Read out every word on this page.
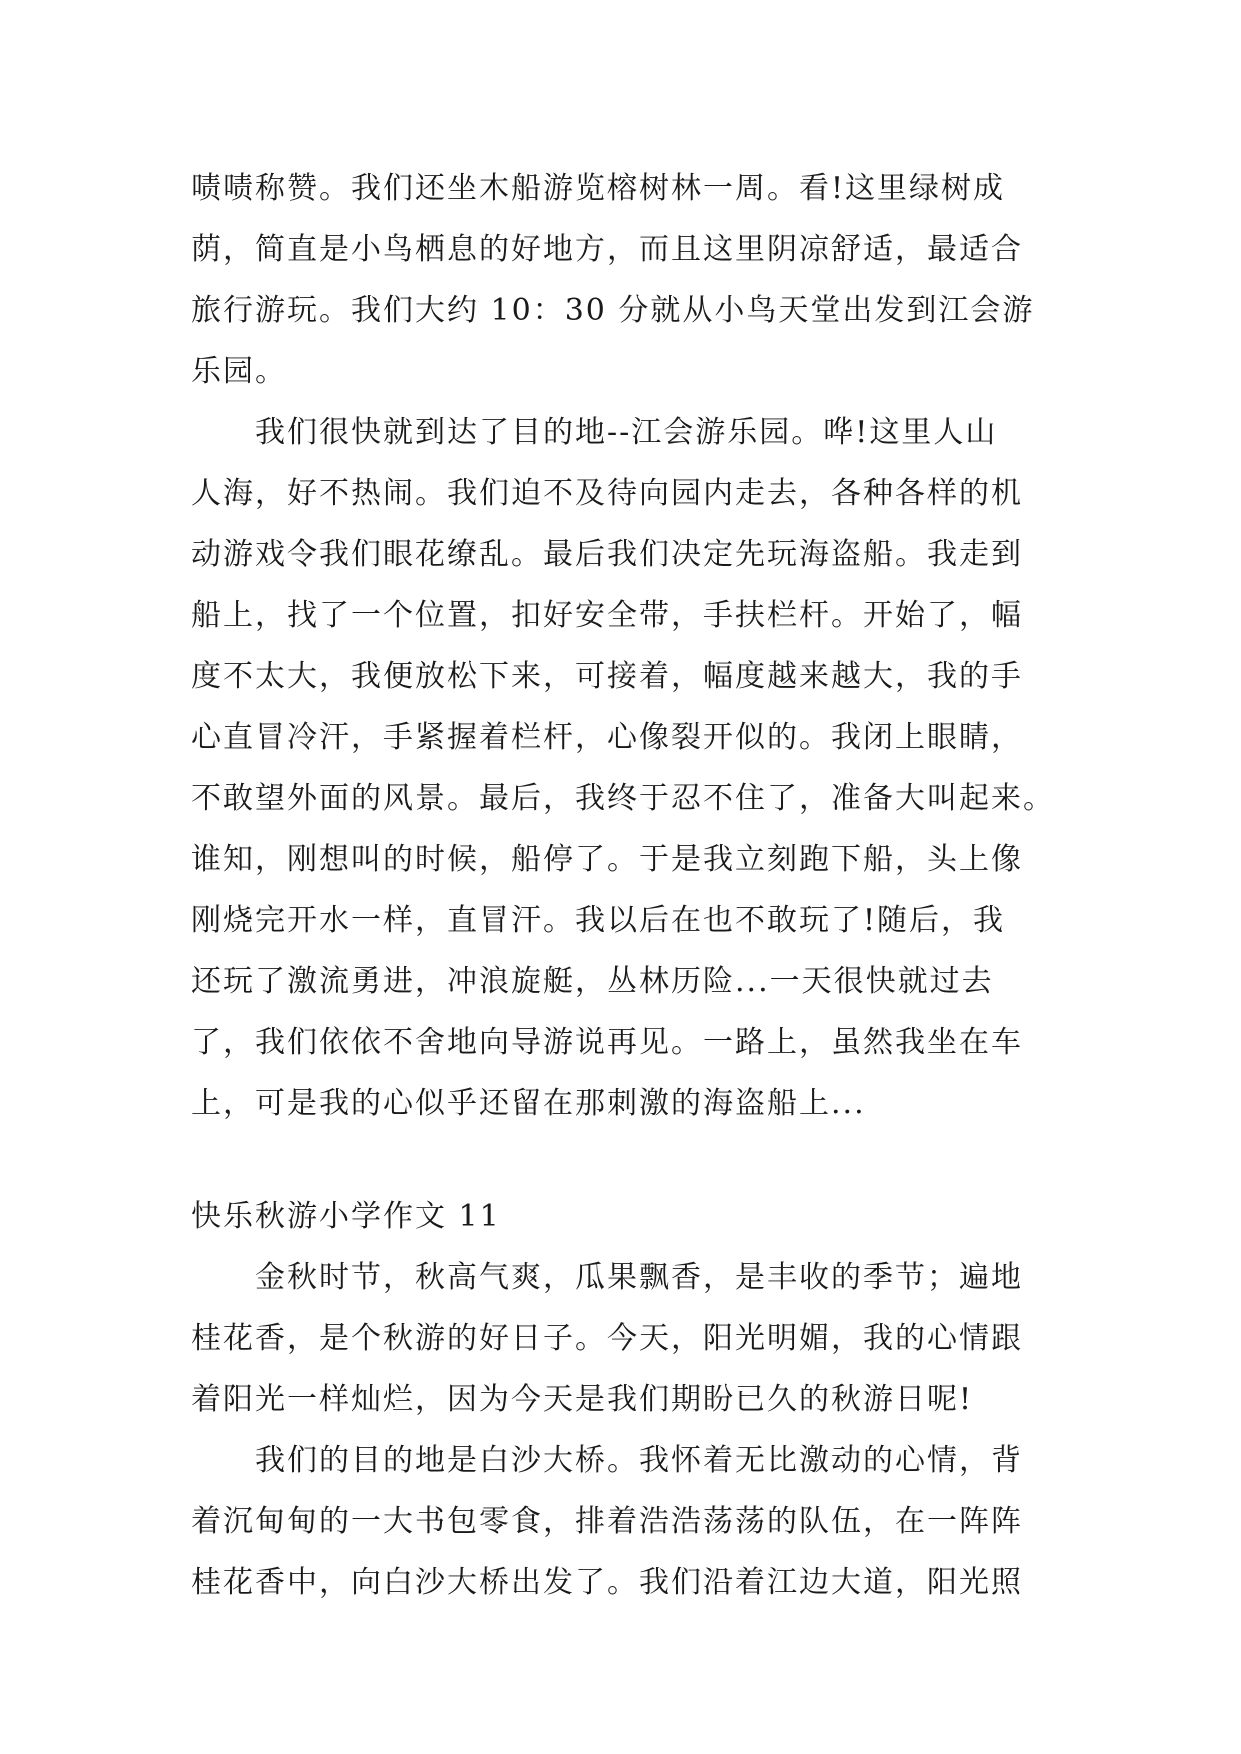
啧啧称赞。我们还坐木船游览榕树林一周。看!这里绿树成
荫，简直是小鸟栖息的好地方，而且这里阴凉舒适，最适合
旅行游玩。我们大约 10：30 分就从小鸟天堂出发到江会游
乐园。
我们很快就到达了目的地--江会游乐园。哗!这里人山
人海，好不热闹。我们迫不及待向园内走去，各种各样的机
动游戏令我们眼花缭乱。最后我们决定先玩海盗船。我走到
船上，找了一个位置，扣好安全带，手扶栏杆。开始了，幅
度不太大，我便放松下来，可接着，幅度越来越大，我的手
心直冒冷汗，手紧握着栏杆，心像裂开似的。我闭上眼睛，
不敢望外面的风景。最后，我终于忍不住了，准备大叫起来。
谁知，刚想叫的时候，船停了。于是我立刻跑下船，头上像
刚烧完开水一样，直冒汗。我以后在也不敢玩了!随后，我
还玩了激流勇进，冲浪旋艇，丛林历险...一天很快就过去
了，我们依依不舍地向导游说再见。一路上，虽然我坐在车
上，可是我的心似乎还留在那刺激的海盗船上...
快乐秋游小学作文 11
金秋时节，秋高气爽，瓜果飘香，是丰收的季节；遍地
桂花香，是个秋游的好日子。今天，阳光明媚，我的心情跟
着阳光一样灿烂，因为今天是我们期盼已久的秋游日呢!
我们的目的地是白沙大桥。我怀着无比激动的心情，背
着沉甸甸的一大书包零食，排着浩浩荡荡的队伍，在一阵阵
桂花香中，向白沙大桥出发了。我们沿着江边大道，阳光照
